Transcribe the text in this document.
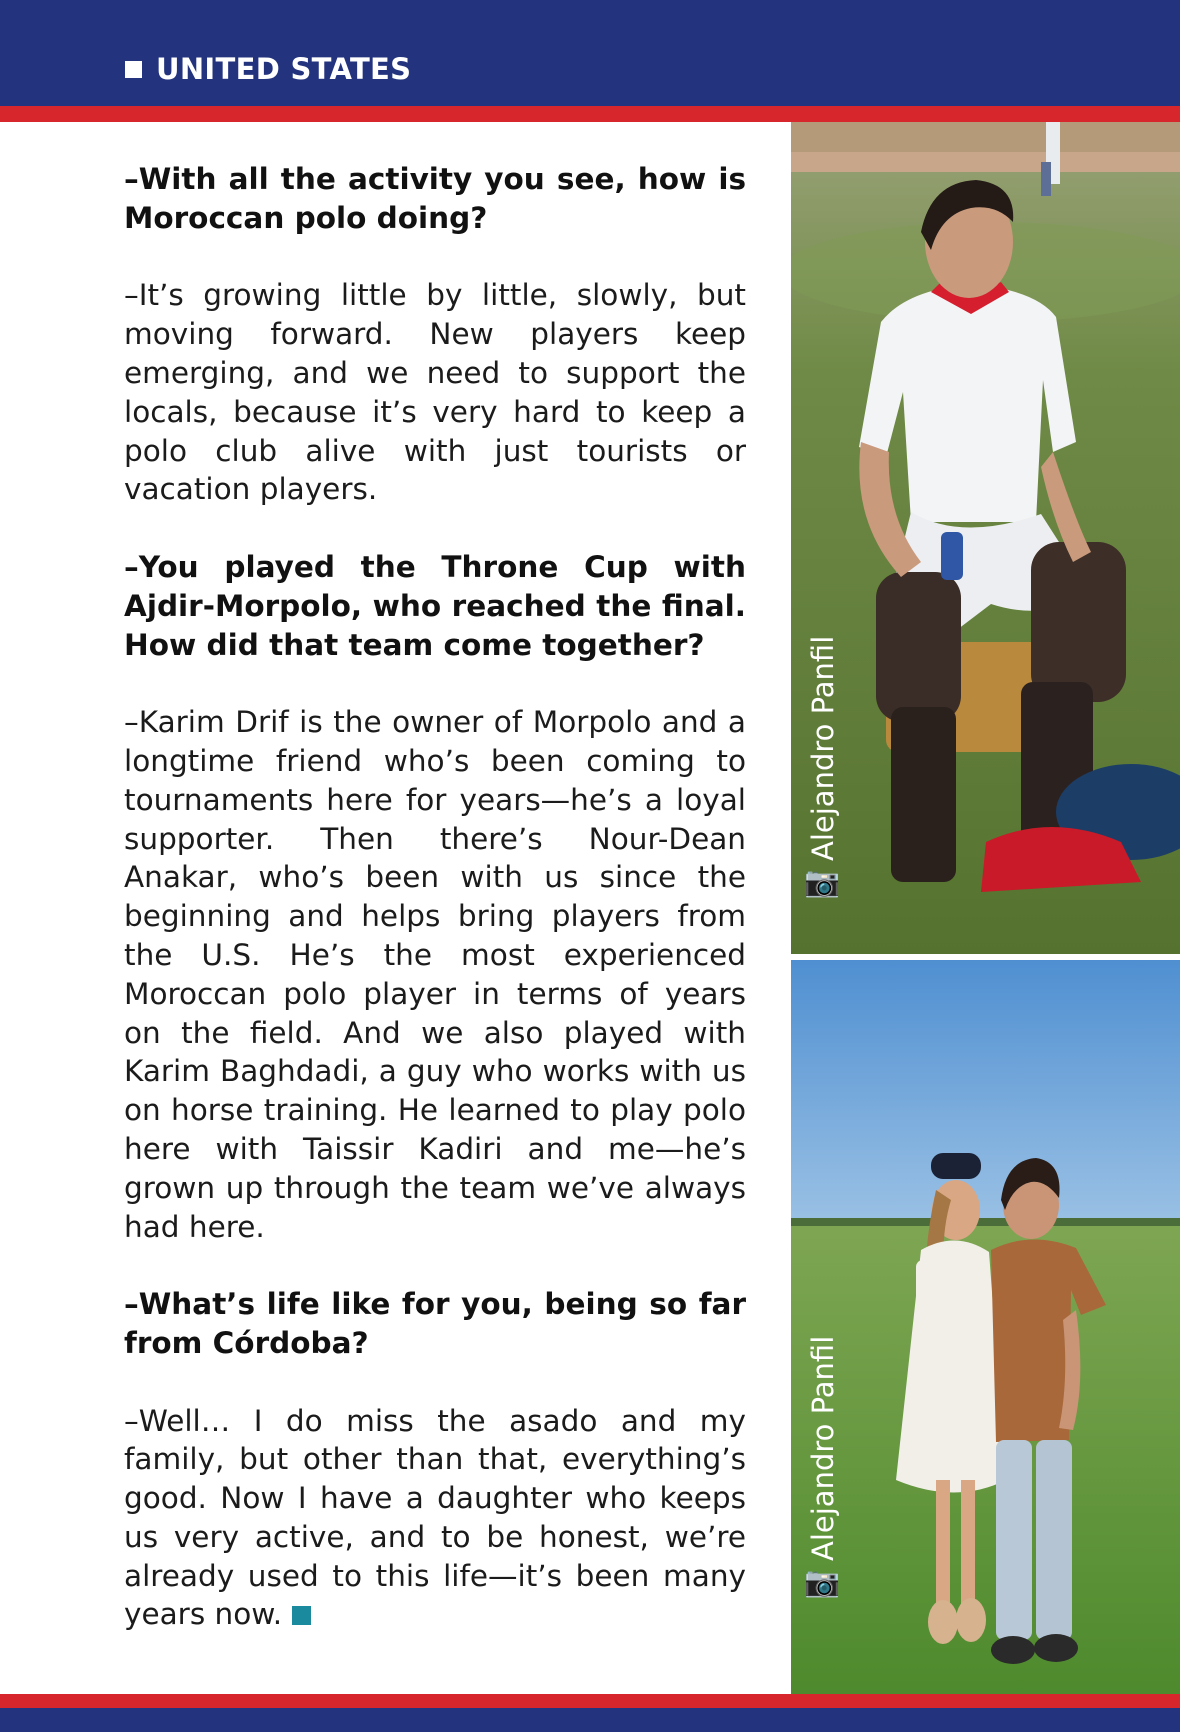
UNITED STATES

–With all the activity you see, how is Moroccan polo doing?

–It’s growing little by little, slowly, but moving forward. New players keep emerging, and we need to support the locals, because it’s very hard to keep a polo club alive with just tourists or vacation players.

–You played the Throne Cup with Ajdir-Morpolo, who reached the final. How did that team come together?

–Karim Drif is the owner of Morpolo and a longtime friend who’s been coming to tournaments here for years—he’s a loyal supporter. Then there’s Nour-Dean Anakar, who’s been with us since the beginning and helps bring players from the U.S. He’s the most experienced Moroccan polo player in terms of years on the field. And we also played with Karim Baghdadi, a guy who works with us on horse training. He learned to play polo here with Taissir Kadiri and me—he’s grown up through the team we’ve always had here.

–What’s life like for you, being so far from Córdoba?

–Well… I do miss the asado and my family, but other than that, everything’s good. Now I have a daughter who keeps us very active, and to be honest, we’re already used to this life—it’s been many years now.

📷
Alejandro Panfil
📷
Alejandro Panfil
